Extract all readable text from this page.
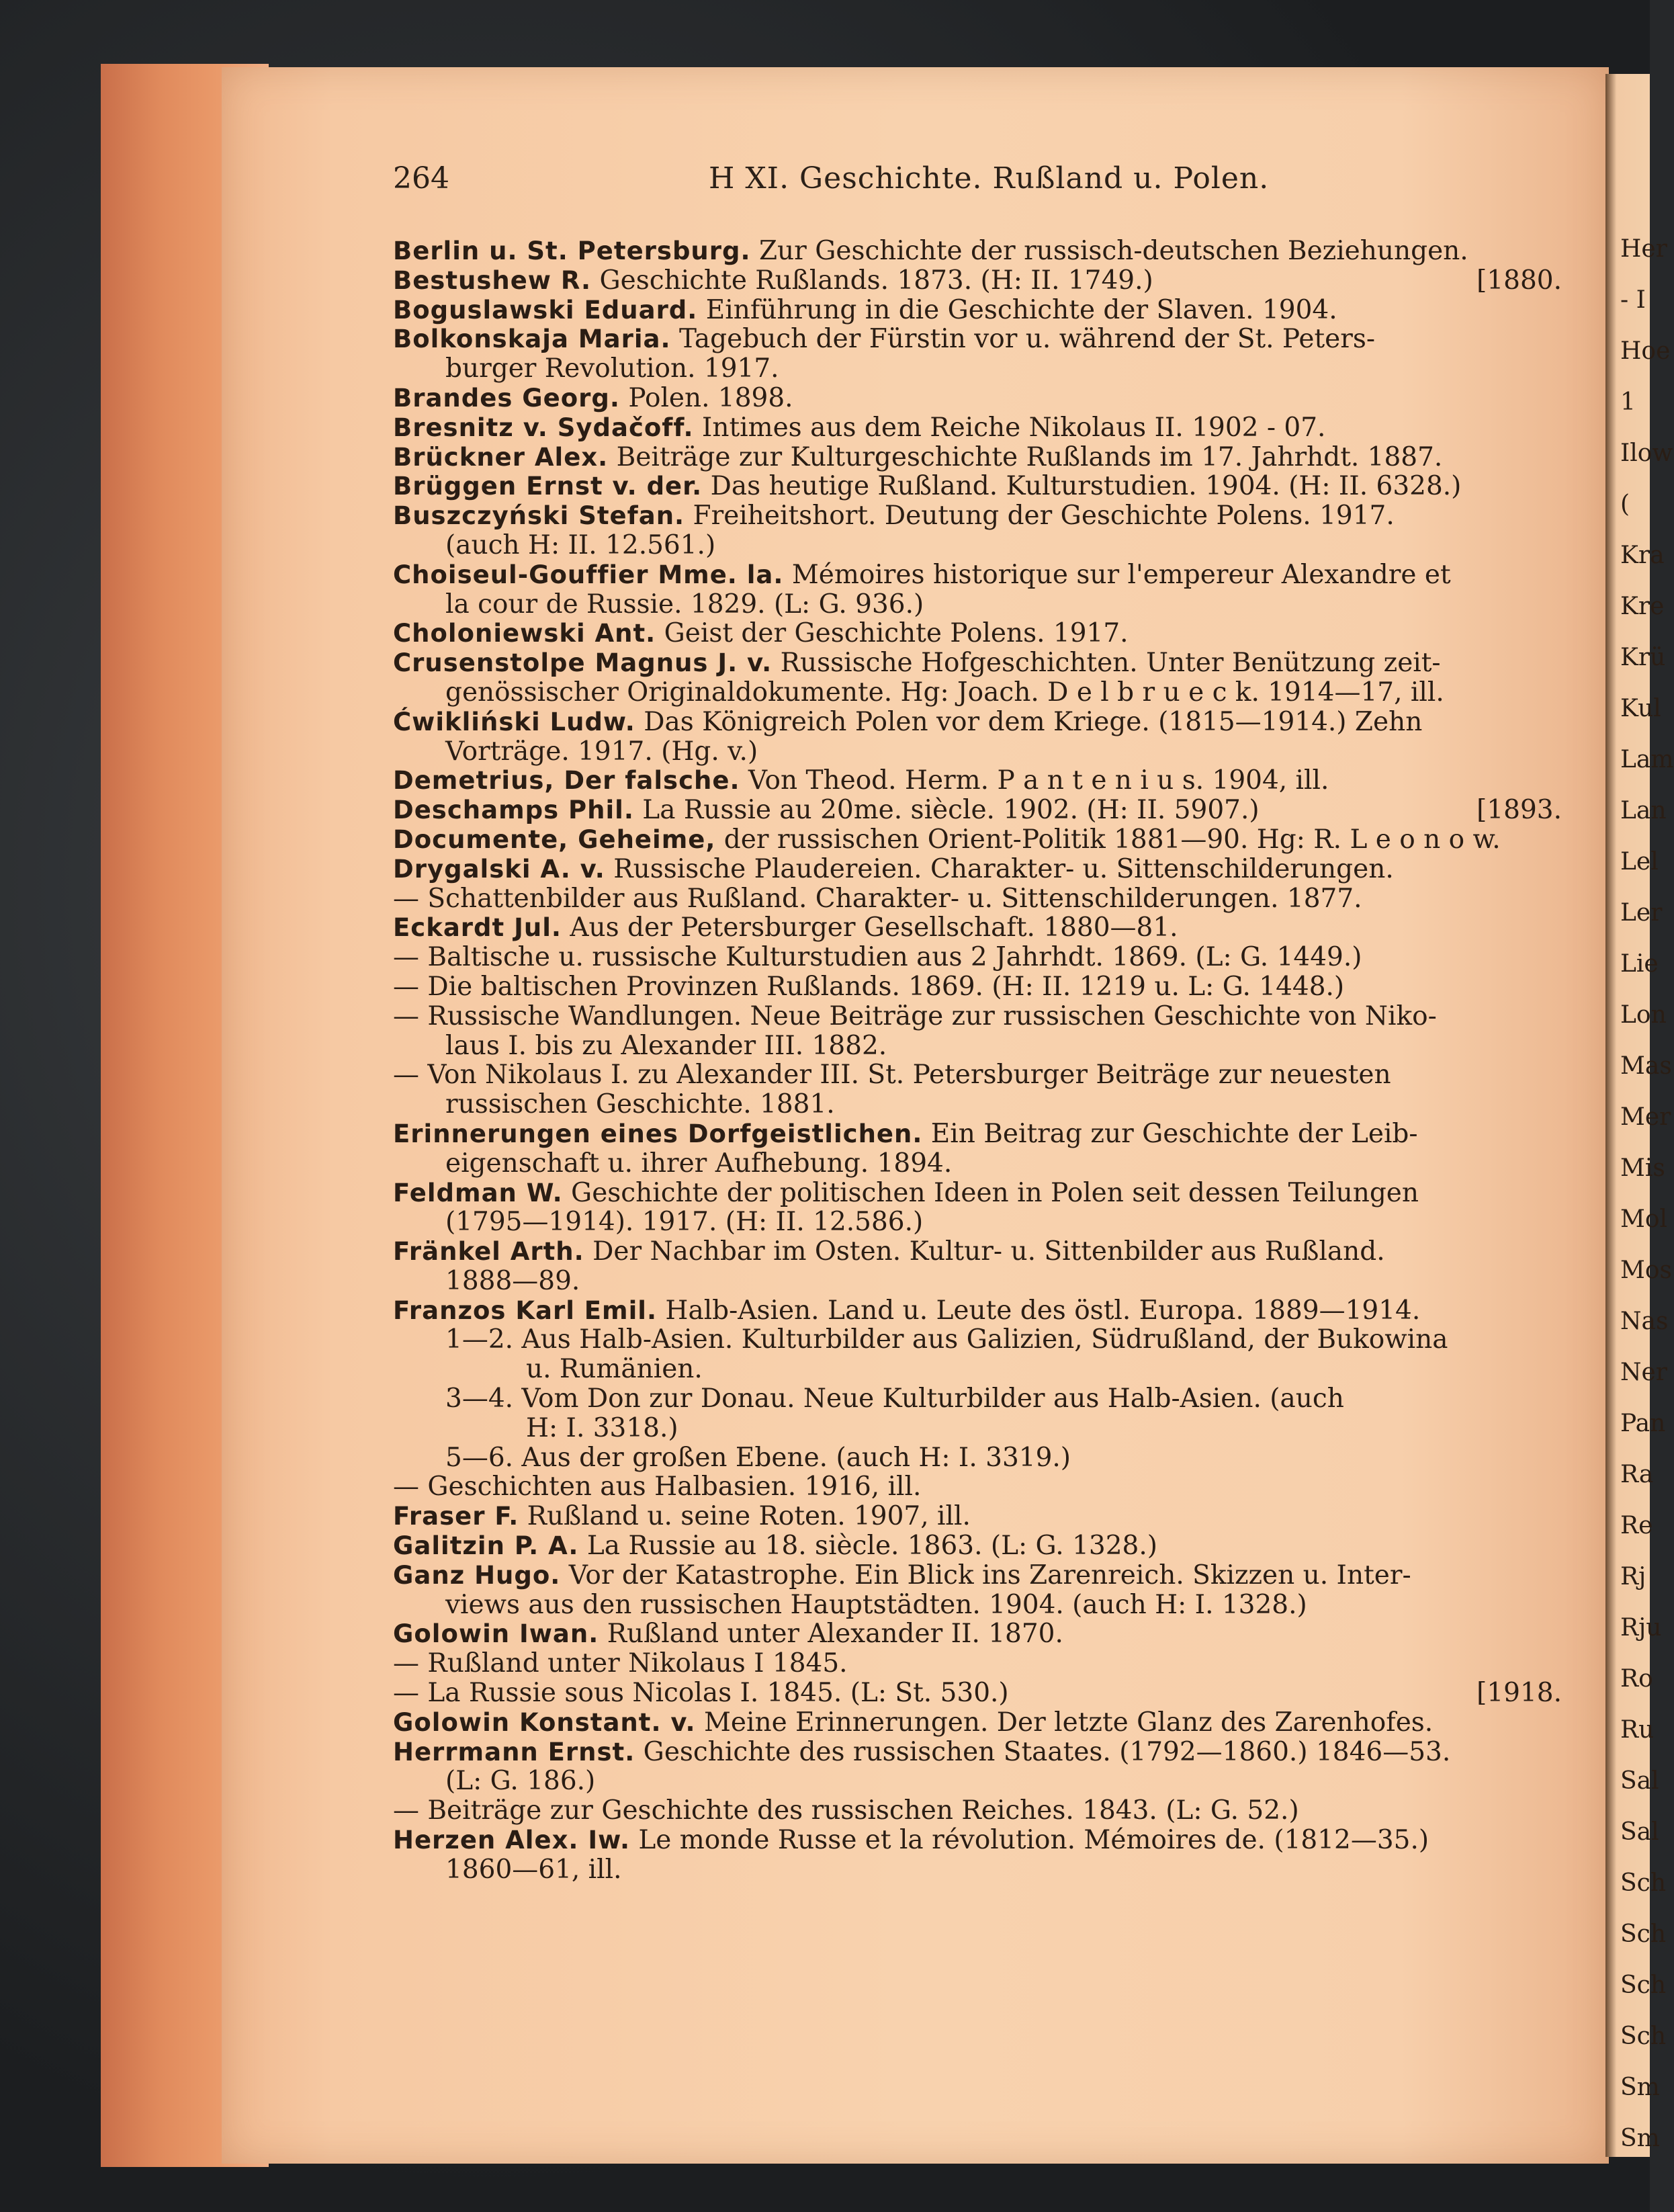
Her
- I
Hoe
1
Ilow
(
Kra
Kre
Krü
Kul
Lam
Lan
Lel
Ler
Lie
Lon
Mas
Mer
Mis
Mol
Mos
Nas
Ner
Pan
Ra
Re
Rj
Rju
Ro
Ru
Sal
Sal
Sch
Sch
Sch
Sch
Sm
Sm
264	H XI. Geschichte. Rußland u. Polen.
Berlin u. St. Petersburg. Zur Geschichte der russisch-deutschen Beziehungen.
Bestushew R. Geschichte Rußlands. 1873. (H: II. 1749.)	[1880.
Boguslawski Eduard. Einführung in die Geschichte der Slaven. 1904.
Bolkonskaja Maria. Tagebuch der Fürstin vor u. während der St. Peters-
burger Revolution. 1917.
Brandes Georg. Polen. 1898.
Bresnitz v. Sydačoff. Intimes aus dem Reiche Nikolaus II. 1902 - 07.
Brückner Alex. Beiträge zur Kulturgeschichte Rußlands im 17. Jahrhdt. 1887.
Brüggen Ernst v. der. Das heutige Rußland. Kulturstudien. 1904. (H: II. 6328.)
Buszczyński Stefan. Freiheitshort. Deutung der Geschichte Polens. 1917.
(auch H: II. 12.561.)
Choiseul-Gouffier Mme. la. Mémoires historique sur l'empereur Alexandre et
la cour de Russie. 1829. (L: G. 936.)
Choloniewski Ant. Geist der Geschichte Polens. 1917.
Crusenstolpe Magnus J. v. Russische Hofgeschichten. Unter Benützung zeit-
genössischer Originaldokumente. Hg: Joach. D e l b r u e c k. 1914—17, ill.
Ćwikliński Ludw. Das Königreich Polen vor dem Kriege. (1815—1914.) Zehn
Vorträge. 1917. (Hg. v.)
Demetrius, Der falsche. Von Theod. Herm. P a n t e n i u s. 1904, ill.
Deschamps Phil. La Russie au 20me. siècle. 1902. (H: II. 5907.)	[1893.
Documente, Geheime, der russischen Orient-Politik 1881—90. Hg: R. L e o n o w.
Drygalski A. v. Russische Plaudereien. Charakter- u. Sittenschilderungen.
— Schattenbilder aus Rußland. Charakter- u. Sittenschilderungen. 1877.
Eckardt Jul. Aus der Petersburger Gesellschaft. 1880—81.
— Baltische u. russische Kulturstudien aus 2 Jahrhdt. 1869. (L: G. 1449.)
— Die baltischen Provinzen Rußlands. 1869. (H: II. 1219 u. L: G. 1448.)
— Russische Wandlungen. Neue Beiträge zur russischen Geschichte von Niko-
laus I. bis zu Alexander III. 1882.
— Von Nikolaus I. zu Alexander III. St. Petersburger Beiträge zur neuesten
russischen Geschichte. 1881.
Erinnerungen eines Dorfgeistlichen. Ein Beitrag zur Geschichte der Leib-
eigenschaft u. ihrer Aufhebung. 1894.
Feldman W. Geschichte der politischen Ideen in Polen seit dessen Teilungen
(1795—1914). 1917. (H: II. 12.586.)
Fränkel Arth. Der Nachbar im Osten. Kultur- u. Sittenbilder aus Rußland.
1888—89.
Franzos Karl Emil. Halb-Asien. Land u. Leute des östl. Europa. 1889—1914.
1—2. Aus Halb-Asien. Kulturbilder aus Galizien, Südrußland, der Bukowina
u. Rumänien.
3—4. Vom Don zur Donau. Neue Kulturbilder aus Halb-Asien. (auch
H: I. 3318.)
5—6. Aus der großen Ebene. (auch H: I. 3319.)
— Geschichten aus Halbasien. 1916, ill.
Fraser F. Rußland u. seine Roten. 1907, ill.
Galitzin P. A. La Russie au 18. siècle. 1863. (L: G. 1328.)
Ganz Hugo. Vor der Katastrophe. Ein Blick ins Zarenreich. Skizzen u. Inter-
views aus den russischen Hauptstädten. 1904. (auch H: I. 1328.)
Golowin Iwan. Rußland unter Alexander II. 1870.
— Rußland unter Nikolaus I 1845.
— La Russie sous Nicolas I. 1845. (L: St. 530.)	[1918.
Golowin Konstant. v. Meine Erinnerungen. Der letzte Glanz des Zarenhofes.
Herrmann Ernst. Geschichte des russischen Staates. (1792—1860.) 1846—53.
(L: G. 186.)
— Beiträge zur Geschichte des russischen Reiches. 1843. (L: G. 52.)
Herzen Alex. Iw. Le monde Russe et la révolution. Mémoires de. (1812—35.)
1860—61, ill.
